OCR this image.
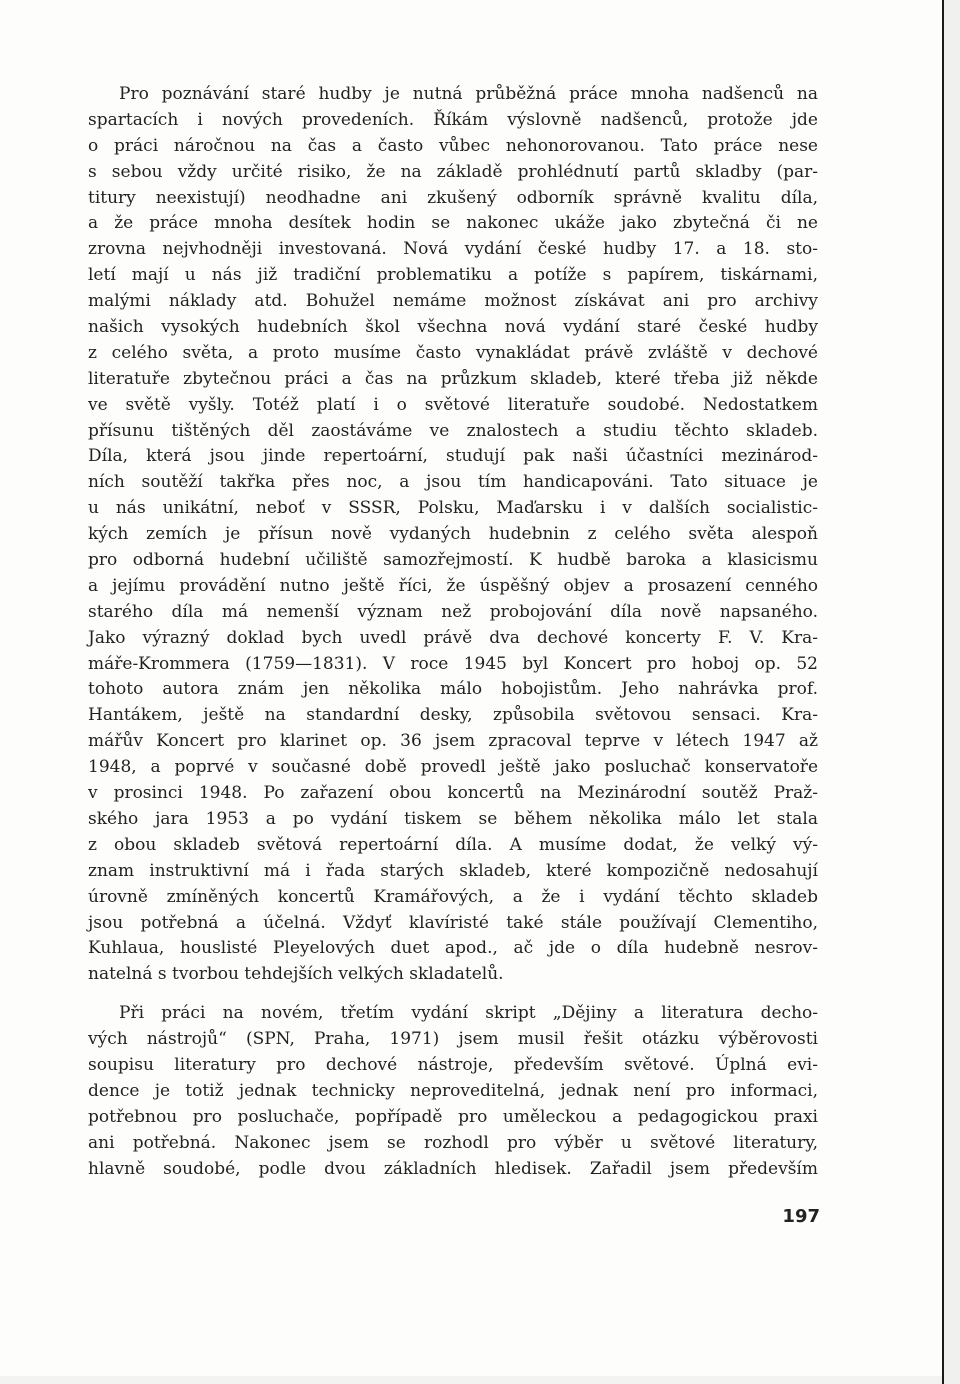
Pro poznávání staré hudby je nutná průběžná práce mnoha nadšenců na
spartacích i nových provedeních. Říkám výslovně nadšenců, protože jde
o práci náročnou na čas a často vůbec nehonorovanou. Tato práce nese
s sebou vždy určité risiko, že na základě prohlédnutí partů skladby (par-
titury neexistují) neodhadne ani zkušený odborník správně kvalitu díla,
a že práce mnoha desítek hodin se nakonec ukáže jako zbytečná či ne
zrovna nejvhodněji investovaná. Nová vydání české hudby 17. a 18. sto-
letí mají u nás již tradiční problematiku a potíže s papírem, tiskárnami,
malými náklady atd. Bohužel nemáme možnost získávat ani pro archivy
našich vysokých hudebních škol všechna nová vydání staré české hudby
z celého světa, a proto musíme často vynakládat právě zvláště v dechové
literatuře zbytečnou práci a čas na průzkum skladeb, které třeba již někde
ve světě vyšly. Totéž platí i o světové literatuře soudobé. Nedostatkem
přísunu tištěných děl zaostáváme ve znalostech a studiu těchto skladeb.
Díla, která jsou jinde repertoární, studují pak naši účastníci mezinárod-
ních soutěží takřka přes noc, a jsou tím handicapováni. Tato situace je
u nás unikátní, neboť v SSSR, Polsku, Maďarsku i v dalších socialistic-
kých zemích je přísun nově vydaných hudebnin z celého světa alespoň
pro odborná hudební učiliště samozřejmostí. K hudbě baroka a klasicismu
a jejímu provádění nutno ještě říci, že úspěšný objev a prosazení cenného
starého díla má nemenší význam než probojování díla nově napsaného.
Jako výrazný doklad bych uvedl právě dva dechové koncerty F. V. Kra-
máře-Krommera (1759—1831). V roce 1945 byl Koncert pro hoboj op. 52
tohoto autora znám jen několika málo hobojistům. Jeho nahrávka prof.
Hantákem, ještě na standardní desky, způsobila světovou sensaci. Kra-
mářův Koncert pro klarinet op. 36 jsem zpracoval teprve v létech 1947 až
1948, a poprvé v současné době provedl ještě jako posluchač konservatoře
v prosinci 1948. Po zařazení obou koncertů na Mezinárodní soutěž Praž-
ského jara 1953 a po vydání tiskem se během několika málo let stala
z obou skladeb světová repertoární díla. A musíme dodat, že velký vý-
znam instruktivní má i řada starých skladeb, které kompozičně nedosahují
úrovně zmíněných koncertů Kramářových, a že i vydání těchto skladeb
jsou potřebná a účelná. Vždyť klavíristé také stále používají Clementiho,
Kuhlaua, houslisté Pleyelových duet apod., ač jde o díla hudebně nesrov-
natelná s tvorbou tehdejších velkých skladatelů.
Při práci na novém, třetím vydání skript „Dějiny a literatura decho-
vých nástrojů“ (SPN, Praha, 1971) jsem musil řešit otázku výběrovosti
soupisu literatury pro dechové nástroje, především světové. Úplná evi-
dence je totiž jednak technicky neproveditelná, jednak není pro informaci,
potřebnou pro posluchače, popřípadě pro uměleckou a pedagogickou praxi
ani potřebná. Nakonec jsem se rozhodl pro výběr u světové literatury,
hlavně soudobé, podle dvou základních hledisek. Zařadil jsem především
197
